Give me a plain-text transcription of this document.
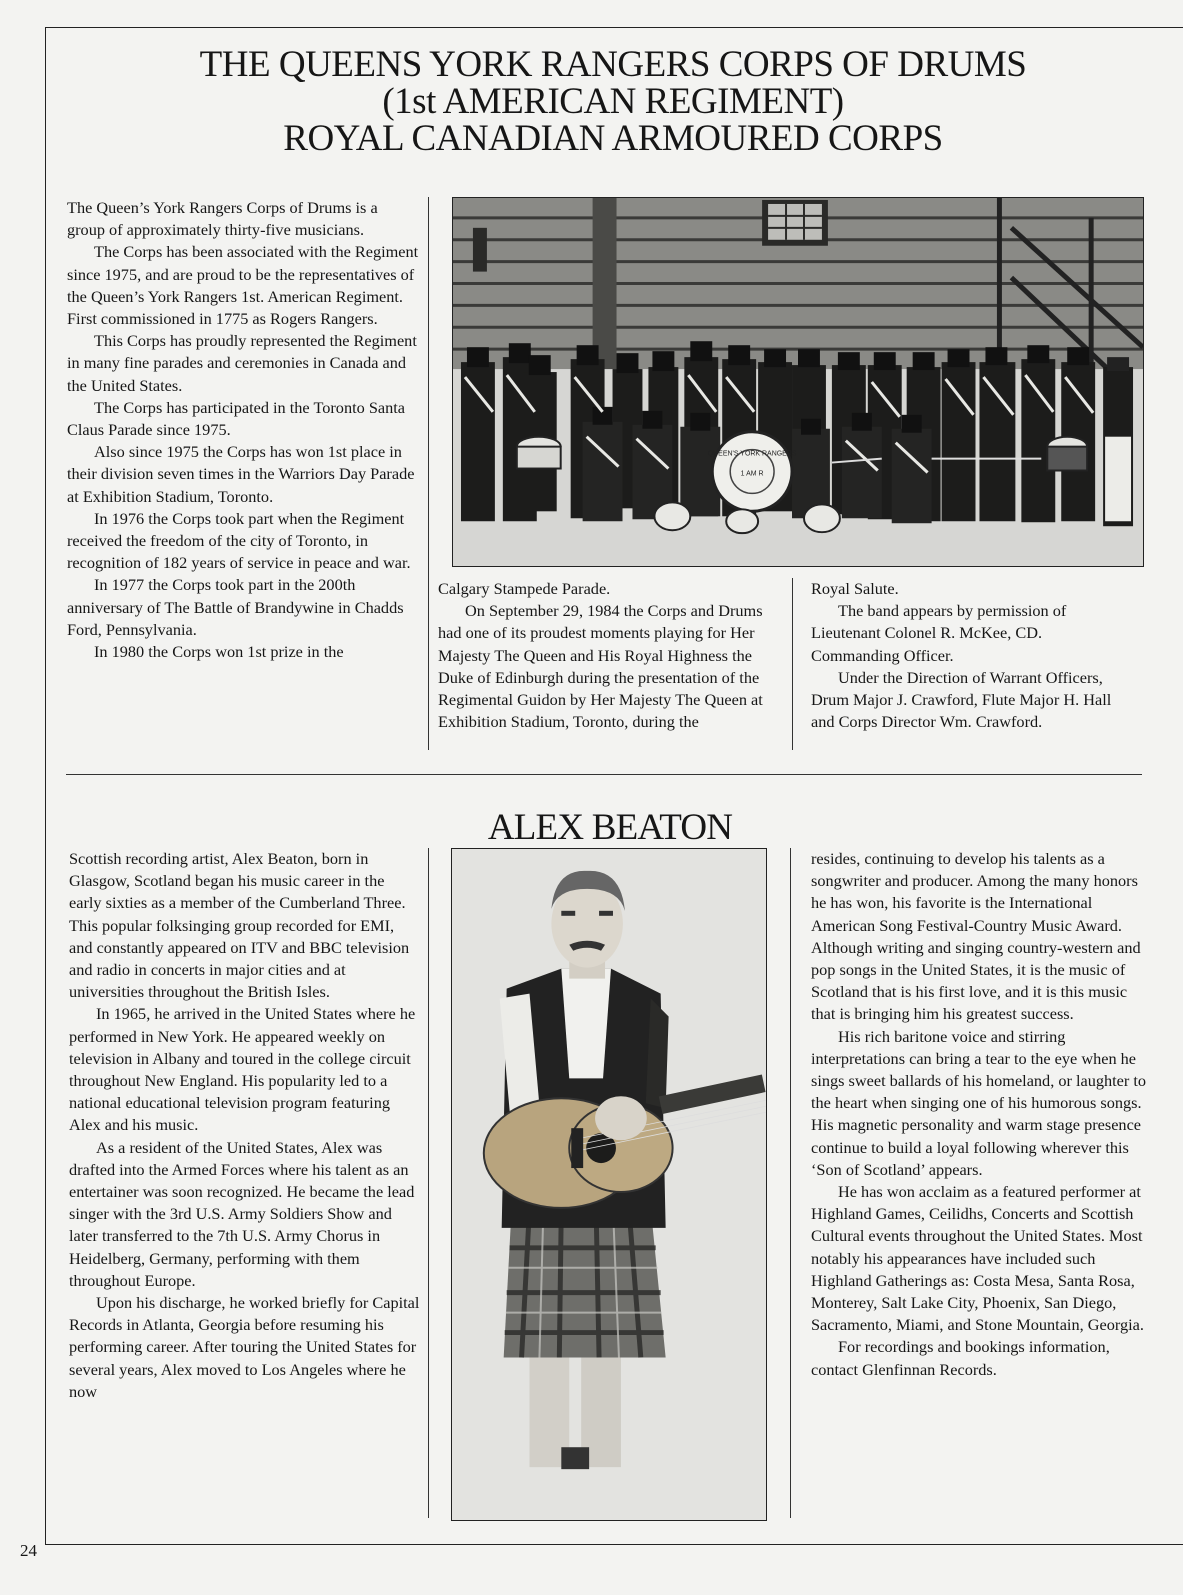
THE QUEENS YORK RANGERS CORPS OF DRUMS
(1st AMERICAN REGIMENT)
ROYAL CANADIAN ARMOURED CORPS

The Queen’s York Rangers Corps of Drums is a group of approximately thirty-five musicians.

The Corps has been associated with the Regiment since 1975, and are proud to be the representatives of the Queen’s York Rangers 1st. American Regiment. First commissioned in 1775 as Rogers Rangers.

This Corps has proudly represented the Regiment in many fine parades and ceremonies in Canada and the United States.

The Corps has participated in the Toronto Santa Claus Parade since 1975.

Also since 1975 the Corps has won 1st place in their division seven times in the Warriors Day Parade at Exhibition Stadium, Toronto.

In 1976 the Corps took part when the Regiment received the freedom of the city of Toronto, in recognition of 182 years of service in peace and war.

In 1977 the Corps took part in the 200th anniversary of The Battle of Brandywine in Chadds Ford, Pennsylvania.

In 1980 the Corps won 1st prize in the

QUEEN'S YORK RANGERS
1 AM R

Calgary Stampede Parade.

On September 29, 1984 the Corps and Drums had one of its proudest moments playing for Her Majesty The Queen and His Royal Highness the Duke of Edinburgh during the presentation of the Regimental Guidon by Her Majesty The Queen at Exhibition Stadium, Toronto, during the

Royal Salute.

The band appears by permission of Lieutenant Colonel R. McKee, CD. Commanding Officer.

Under the Direction of Warrant Officers, Drum Major J. Crawford, Flute Major H. Hall and Corps Director Wm. Crawford.

ALEX BEATON

Scottish recording artist, Alex Beaton, born in Glasgow, Scotland began his music career in the early sixties as a member of the Cumberland Three. This popular folksinging group recorded for EMI, and constantly appeared on ITV and BBC television and radio in concerts in major cities and at universities throughout the British Isles.

In 1965, he arrived in the United States where he performed in New York. He appeared weekly on television in Albany and toured in the college circuit throughout New England. His popularity led to a national educational television program featuring Alex and his music.

As a resident of the United States, Alex was drafted into the Armed Forces where his talent as an entertainer was soon recognized. He became the lead singer with the 3rd U.S. Army Soldiers Show and later transferred to the 7th U.S. Army Chorus in Heidelberg, Germany, performing with them throughout Europe.

Upon his discharge, he worked briefly for Capital Records in Atlanta, Georgia before resuming his performing career. After touring the United States for several years, Alex moved to Los Angeles where he now

resides, continuing to develop his talents as a songwriter and producer. Among the many honors he has won, his favorite is the International American Song Festival-Country Music Award. Although writing and singing country-western and pop songs in the United States, it is the music of Scotland that is his first love, and it is this music that is bringing him his greatest success.

His rich baritone voice and stirring interpretations can bring a tear to the eye when he sings sweet ballards of his homeland, or laughter to the heart when singing one of his humorous songs. His magnetic personality and warm stage presence continue to build a loyal following wherever this ‘Son of Scotland’ appears.

He has won acclaim as a featured performer at Highland Games, Ceilidhs, Concerts and Scottish Cultural events throughout the United States. Most notably his appearances have included such Highland Gatherings as: Costa Mesa, Santa Rosa, Monterey, Salt Lake City, Phoenix, San Diego, Sacramento, Miami, and Stone Mountain, Georgia.

For recordings and bookings information, contact Glenfinnan Records.

24
